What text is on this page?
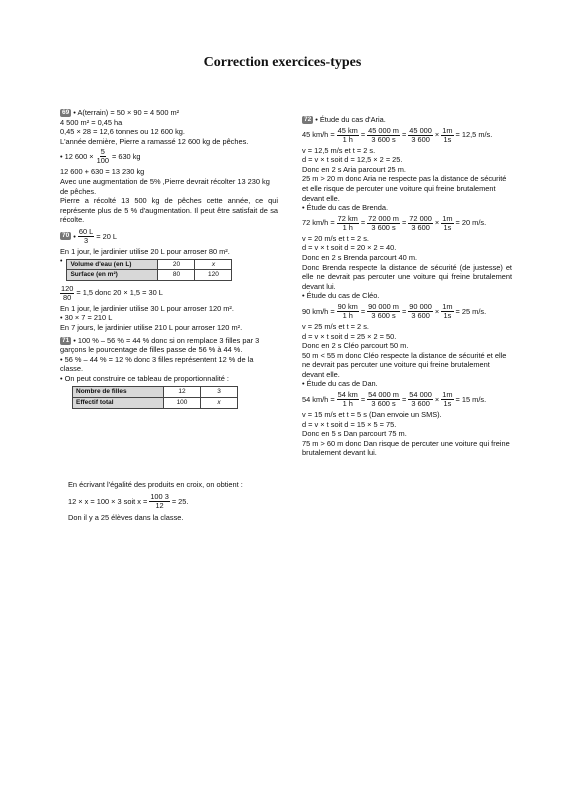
Correction exercices-types
69 • A(terrain) = 50 × 90 = 4 500 m²
4 500 m² = 0,45 ha
0,45 × 28 = 12,6 tonnes ou 12 600 kg.
L'année dernière, Pierre a ramassé 12 600 kg de pêches.
• 12 $600 \times \frac{5}{100} = 630$ kg
12 600 + 630 = 13 230 kg
Avec une augmentation de 5% ,Pierre devrait récolter 13 230 kg de pêches.
Pierre a récolté 13 500 kg de pêches cette année, ce qui représente plus de 5 % d'augmentation. Il peut être satisfait de sa récolte.
70 • $\frac{60 L}{3} = 20$ L
En 1 jour, le jardinier utilise 20 L pour arroser 80 m².
• Volume d'eau (en L)	20	x
Surface (en m²)	80	120
$\frac{120}{80} = 1,5$ donc 20 × 1,5 = 30 L
En 1 jour, le jardinier utilise 30 L pour arroser 120 m².
• 30 × 7 = 210 L
En 7 jours, le jardinier utilise 210 L pour arroser 120 m².
71 • 100 % – 56 % = 44 % donc si on remplace 3 filles par 3 garçons le pourcentage de filles passe de 56 % à 44 %.
• 56 % – 44 % = 12 % donc 3 filles représentent 12 % de la classe.
• On peut construire ce tableau de proportionnalité :
Nombre de filles	12	3
Effectif total	100	x
En écrivant l'égalité des produits en croix, on obtient :
12 × x = 100 × 3 soit $x = \frac{100 3}{12} = 25$.
Don il y a 25 élèves dans la classe.
72 • Étude du cas d'Aria.
45 $km/h = \frac{45 km}{1 h} = \frac{45 000 m}{3 600 s} = \frac{45 000}{3 600} \times \frac{1m}{1s} = 12,5$ m/s.
v = 12,5 m/s et t = 2 s.
d = v × t soit d = 12,5 × 2 = 25.
Donc en 2 s Aria parcourt 25 m.
25 m > 20 m donc Aria ne respecte pas la distance de sécurité et elle risque de percuter une voiture qui freine brutalement devant elle.
• Étude du cas de Brenda.
72 $km/h = \frac{72 km}{1 h} = \frac{72 000 m}{3 600 s} = \frac{72 000}{3 600} \times \frac{1m}{1s} = 20$ m/s.
v = 20 m/s et t = 2 s.
d = v × t soit d = 20 × 2 = 40.
Donc en 2 s Brenda parcourt 40 m.
Donc Brenda respecte la distance de sécurité (de justesse) et elle ne devrait pas percuter une voiture qui freine brutalement devant lui.
• Étude du cas de Cléo.
90 $km/h = \frac{90 km}{1 h} = \frac{90 000 m}{3 600 s} = \frac{90 000}{3 600} \times \frac{1m}{1s} = 25$ m/s.
v = 25 m/s et t = 2 s.
d = v × t soit d = 25 × 2 = 50.
Donc en 2 s Cléo parcourt 50 m.
50 m < 55 m donc Cléo respecte la distance de sécurité et elle ne devrait pas percuter une voiture qui freine brutalement devant elle.
• Étude du cas de Dan.
54 $km/h = \frac{54 km}{1 h} = \frac{54 000 m}{3 600 s} = \frac{54 000}{3 600} \times \frac{1m}{1s} = 15$ m/s.
v = 15 m/s et t = 5 s (Dan envoie un SMS).
d = v × t soit d = 15 × 5 = 75.
Donc en 5 s Dan parcourt 75 m.
75 m > 60 m donc Dan risque de percuter une voiture qui freine brutalement devant lui.
